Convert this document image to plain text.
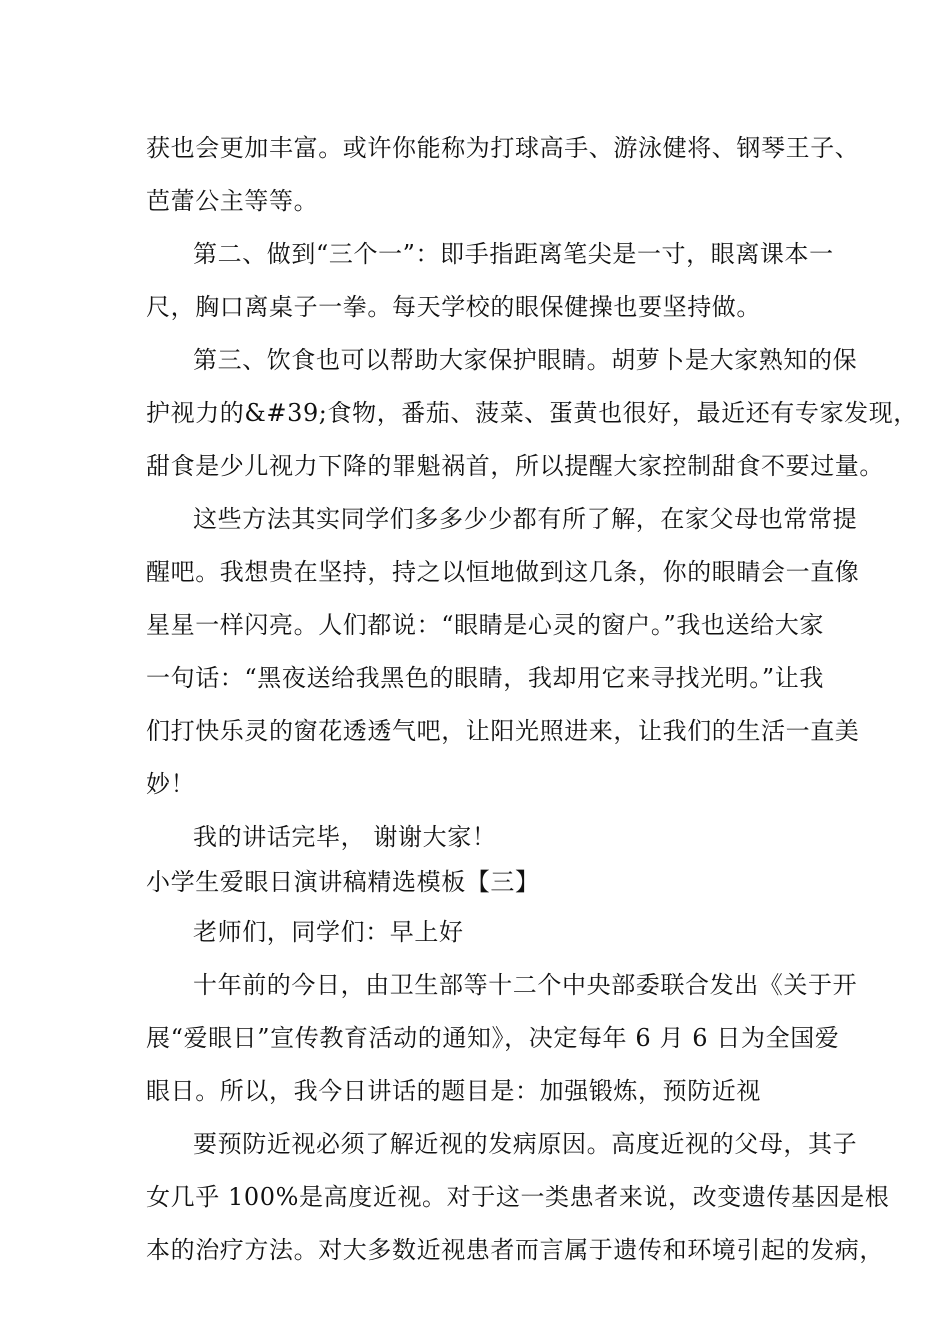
获也会更加丰富。或许你能称为打球高手、游泳健将、钢琴王子、
芭蕾公主等等。
第二、做到“三个一”：即手指距离笔尖是一寸，眼离课本一
尺，胸口离桌子一拳。每天学校的眼保健操也要坚持做。
第三、饮食也可以帮助大家保护眼睛。胡萝卜是大家熟知的保
护视力的&#39;食物，番茄、菠菜、蛋黄也很好，最近还有专家发现，
甜食是少儿视力下降的罪魁祸首，所以提醒大家控制甜食不要过量。
这些方法其实同学们多多少少都有所了解，在家父母也常常提
醒吧。我想贵在坚持，持之以恒地做到这几条，你的眼睛会一直像
星星一样闪亮。人们都说：“眼睛是心灵的窗户。”我也送给大家
一句话：“黑夜送给我黑色的眼睛，我却用它来寻找光明。”让我
们打快乐灵的窗花透透气吧，让阳光照进来，让我们的生活一直美
妙！
我的讲话完毕， 谢谢大家！
小学生爱眼日演讲稿精选模板【三】
老师们，同学们：早上好
十年前的今日，由卫生部等十二个中央部委联合发出《关于开
展“爱眼日”宣传教育活动的通知》，决定每年 6 月 6 日为全国爱
眼日。所以，我今日讲话的题目是：加强锻炼，预防近视
要预防近视必须了解近视的发病原因。高度近视的父母，其子
女几乎 100%是高度近视。对于这一类患者来说，改变遗传基因是根
本的治疗方法。对大多数近视患者而言属于遗传和环境引起的发病，
